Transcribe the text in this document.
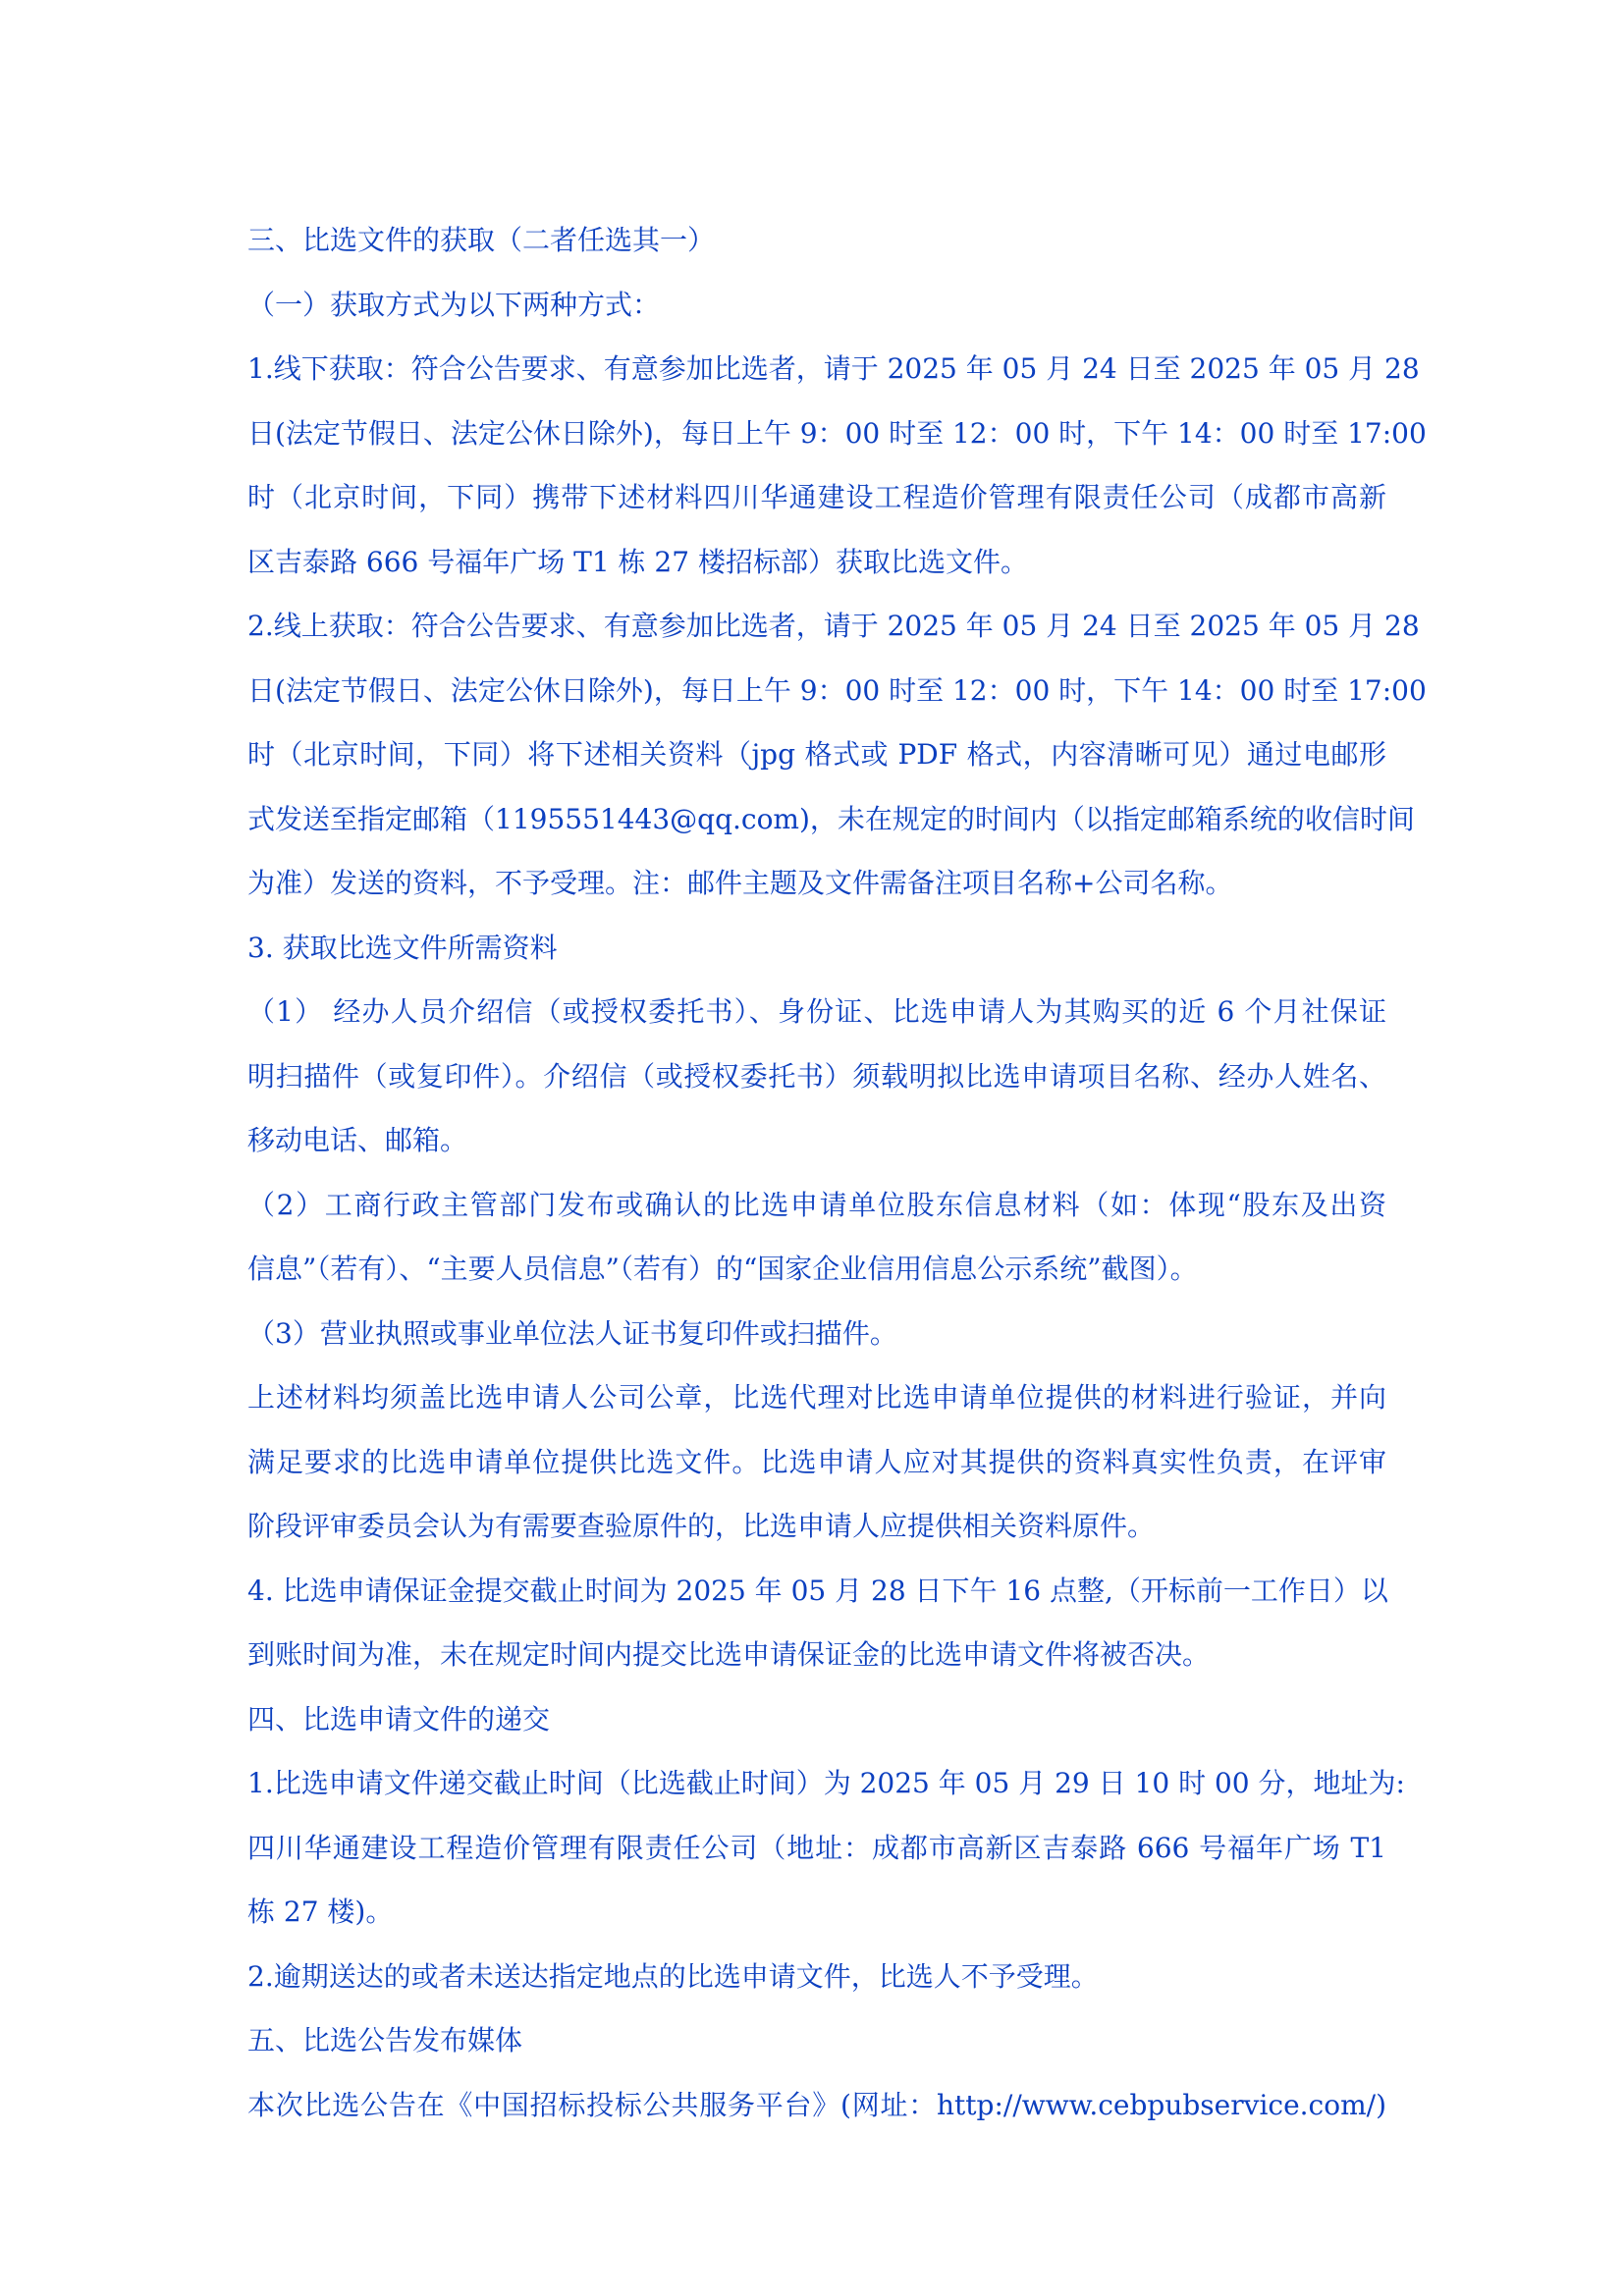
三、比选文件的获取（二者任选其一）
（一）获取方式为以下两种方式：
1.线下获取：符合公告要求、有意参加比选者，请于 2025 年 05 月 24 日至 2025 年 05 月 28
日(法定节假日、法定公休日除外)，每日上午 9：00 时至 12：00 时，下午 14：00 时至 17:00
时（北京时间，下同）携带下述材料四川华通建设工程造价管理有限责任公司（成都市高新
区吉泰路 666 号福年广场 T1 栋 27 楼招标部）获取比选文件。
2.线上获取：符合公告要求、有意参加比选者，请于 2025 年 05 月 24 日至 2025 年 05 月 28
日(法定节假日、法定公休日除外)，每日上午 9：00 时至 12：00 时，下午 14：00 时至 17:00
时（北京时间，下同）将下述相关资料（jpg 格式或 PDF 格式，内容清晰可见）通过电邮形
式发送至指定邮箱（1195551443@qq.com)，未在规定的时间内（以指定邮箱系统的收信时间
为准）发送的资料，不予受理。注：邮件主题及文件需备注项目名称+公司名称。
3. 获取比选文件所需资料
（1） 经办人员介绍信（或授权委托书）、身份证、比选申请人为其购买的近 6 个月社保证
明扫描件（或复印件）。介绍信（或授权委托书）须载明拟比选申请项目名称、经办人姓名、
移动电话、邮箱。
（2）工商行政主管部门发布或确认的比选申请单位股东信息材料（如：体现“股东及出资
信息”（若有）、“主要人员信息”（若有）的“国家企业信用信息公示系统”截图）。
（3）营业执照或事业单位法人证书复印件或扫描件。
上述材料均须盖比选申请人公司公章，比选代理对比选申请单位提供的材料进行验证，并向
满足要求的比选申请单位提供比选文件。比选申请人应对其提供的资料真实性负责，在评审
阶段评审委员会认为有需要查验原件的，比选申请人应提供相关资料原件。
4. 比选申请保证金提交截止时间为 2025 年 05 月 28 日下午 16 点整,（开标前一工作日）以
到账时间为准，未在规定时间内提交比选申请保证金的比选申请文件将被否决。
四、比选申请文件的递交
1.比选申请文件递交截止时间（比选截止时间）为 2025 年 05 月 29 日 10 时 00 分，地址为:
四川华通建设工程造价管理有限责任公司（地址：成都市高新区吉泰路 666 号福年广场 T1
栋 27 楼)。
2.逾期送达的或者未送达指定地点的比选申请文件，比选人不予受理。
五、比选公告发布媒体
本次比选公告在《中国招标投标公共服务平台》(网址：http://www.cebpubservice.com/)
